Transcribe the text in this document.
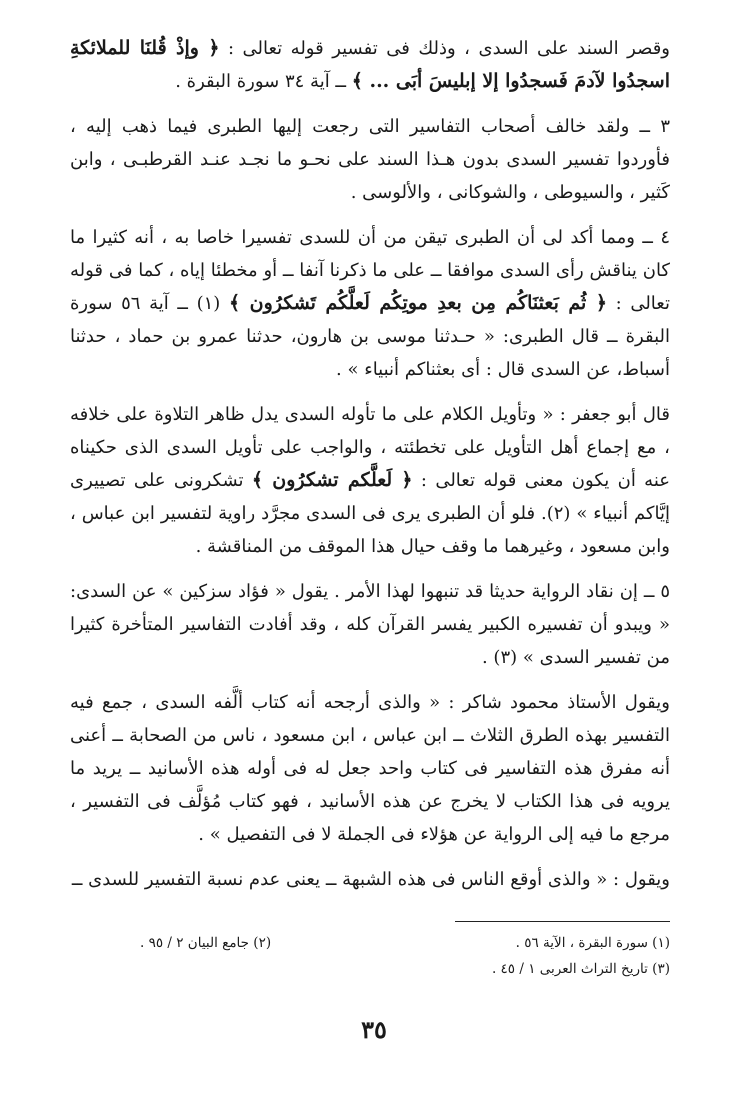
وقصر السند على السدى ، وذلك فى تفسير قوله تعالى : ﴿ وإذْ قُلنَا للملائكةِ اسجدُوا لآدمَ فَسجدُوا إلا إبليسَ أبَى ... ﴾ ــ آية ٣٤ سورة البقرة .

٣ ــ ولقد خالف أصحاب التفاسير التى رجعت إليها الطبرى فيما ذهب إليه ، فأوردوا تفسير السدى بدون هـذا السند على نحـو ما نجـد عنـد القرطبـى ، وابن كَثير ، والسيوطى ، والشوكانى ، والألوسى .

٤ ــ ومما أكد لى أن الطبرى تيقن من أن للسدى تفسيرا خاصا به ، أنه كثيرا ما كان يناقش رأى السدى موافقا ــ على ما ذكرنا آنفا ــ أو مخطئا إياه ، كما فى قوله تعالى : ﴿ ثُم بَعثنَاكُم مِن بعدِ موتِكُم لَعلَّكُم تَشكرُون ﴾ (١) ــ آية ٥٦ سورة البقرة ــ قال الطبرى: « حـدثنا موسى بن هارون، حدثنا عمرو بن حماد ، حدثنا أسباط، عن السدى قال : أى بعثناكم أنبياء » .

قال أبو جعفر : « وتأويل الكلام على ما تأوله السدى يدل ظاهر التلاوة على خلافه ، مع إجماع أهل التأويل على تخطئته ، والواجب على تأويل السدى الذى حكيناه عنه أن يكون معنى قوله تعالى : ﴿ لَعلَّكم تشكرُون ﴾ تشكرونى على تصييرى إيَّاكم أنبياء » (٢). فلو أن الطبرى يرى فى السدى مجرَّد راوية لتفسير ابن عباس ، وابن مسعود ، وغيرهما ما وقف حيال هذا الموقف من المناقشة .

٥ ــ إن نقاد الرواية حديثا قد تنبهوا لهذا الأمر . يقول « فؤاد سزكين » عن السدى: « ويبدو أن تفسيره الكبير يفسر القرآن كله ، وقد أفادت التفاسير المتأخرة كثيرا من تفسير السدى » (٣) .

ويقول الأستاذ محمود شاكر : « والذى أرجحه أنه كتاب ألَّفه السدى ، جمع فيه التفسير بهذه الطرق الثلاث ــ ابن عباس ، ابن مسعود ، ناس من الصحابة ــ أعنى أنه مفرق هذه التفاسير فى كتاب واحد جعل له فى أوله هذه الأسانيد ــ يريد ما يرويه فى هذا الكتاب لا يخرج عن هذه الأسانيد ، فهو كتاب مُؤلَّف فى التفسير ، مرجع ما فيه إلى الرواية عن هؤلاء فى الجملة لا فى التفصيل » .

ويقول : « والذى أوقع الناس فى هذه الشبهة ــ يعنى عدم نسبة التفسير للسدى ــ

(١) سورة البقرة ، الآية ٥٦ .
(٢) جامع البيان ٢ / ٩٥ .
(٣) تاريخ التراث العربى ١ / ٤٥ .
٣٥
